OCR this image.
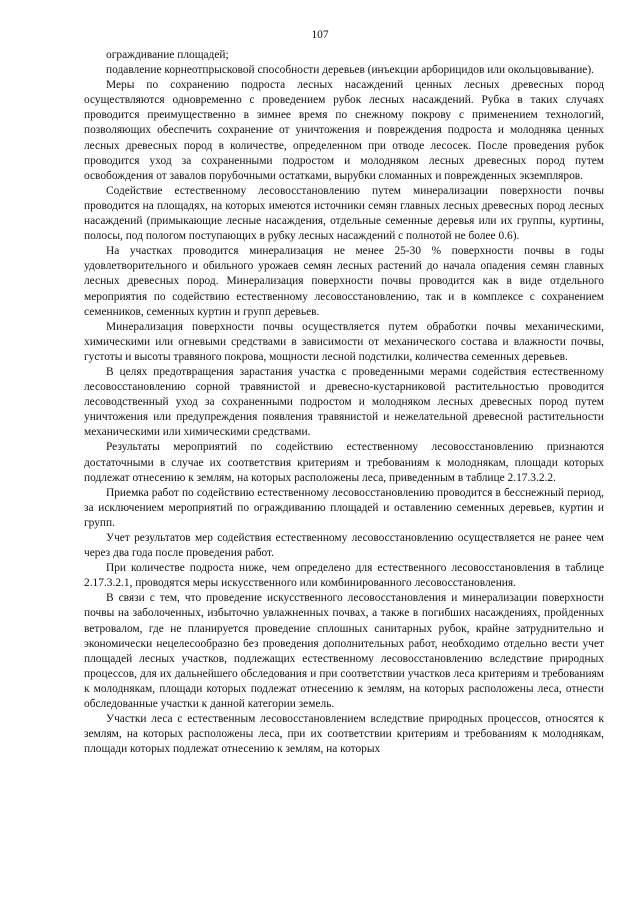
107

ограждивание площадей;

подавление корнеотпрысковой способности деревьев (инъекции арборицидов или окольцовывание).

Меры по сохранению подроста лесных насаждений ценных лесных древесных пород осуществляются одновременно с проведением рубок лесных насаждений. Рубка в таких случаях проводится преимущественно в зимнее время по снежному покрову с применением технологий, позволяющих обеспечить сохранение от уничтожения и повреждения подроста и молодняка ценных лесных древесных пород в количестве, определенном при отводе лесосек. После проведения рубок проводится уход за сохраненными подростом и молодняком лесных древесных пород путем освобождения от завалов порубочными остатками, вырубки сломанных и поврежденных экземпляров.

Содействие естественному лесовосстановлению путем минерализации поверхности почвы проводится на площадях, на которых имеются источники семян главных лесных древесных пород лесных насаждений (примыкающие лесные насаждения, отдельные семенные деревья или их группы, куртины, полосы, под пологом поступающих в рубку лесных насаждений с полнотой не более 0.6).

На участках проводится минерализация не менее 25-30 % поверхности почвы в годы удовлетворительного и обильного урожаев семян лесных растений до начала опадения семян главных лесных древесных пород. Минерализация поверхности почвы проводится как в виде отдельного мероприятия по содействию естественному лесовосстановлению, так и в комплексе с сохранением семенников, семенных куртин и групп деревьев.

Минерализация поверхности почвы осуществляется путем обработки почвы механическими, химическими или огневыми средствами в зависимости от механического состава и влажности почвы, густоты и высоты травяного покрова, мощности лесной подстилки, количества семенных деревьев.

В целях предотвращения зарастания участка с проведенными мерами содействия естественному лесовосстановлению сорной травянистой и древесно-кустарниковой растительностью проводится лесоводственный уход за сохраненными подростом и молодняком лесных древесных пород путем уничтожения или предупреждения появления травянистой и нежелательной древесной растительности механическими или химическими средствами.

Результаты мероприятий по содействию естественному лесовосстановлению признаются достаточными в случае их соответствия критериям и требованиям к молоднякам, площади которых подлежат отнесению к землям, на которых расположены леса, приведенным в таблице 2.17.3.2.2.

Приемка работ по содействию естественному лесовосстановлению проводится в бесснежный период, за исключением мероприятий по ограждиванию площадей и оставлению семенных деревьев, куртин и групп.

Учет результатов мер содействия естественному лесовосстановлению осуществляется не ранее чем через два года после проведения работ.

При количестве подроста ниже, чем определено для естественного лесовосстановления в таблице 2.17.3.2.1, проводятся меры искусственного или комбинированного лесовосстановления.

В связи с тем, что проведение искусственного лесовосстановления и минерализации поверхности почвы на заболоченных, избыточно увлажненных почвах, а также в погибших насаждениях, пройденных ветровалом, где не планируется проведение сплошных санитарных рубок, крайне затруднительно и экономически нецелесообразно без проведения дополнительных работ, необходимо отдельно вести учет площадей лесных участков, подлежащих естественному лесовосстановлению вследствие природных процессов, для их дальнейшего обследования и при соответствии участков леса критериям и требованиям к молоднякам, площади которых подлежат отнесению к землям, на которых расположены леса, отнести обследованные участки к данной категории земель.

Участки леса с естественным лесовосстановлением вследствие природных процессов, относятся к землям, на которых расположены леса, при их соответствии критериям и требованиям к молоднякам, площади которых подлежат отнесению к землям, на которых
